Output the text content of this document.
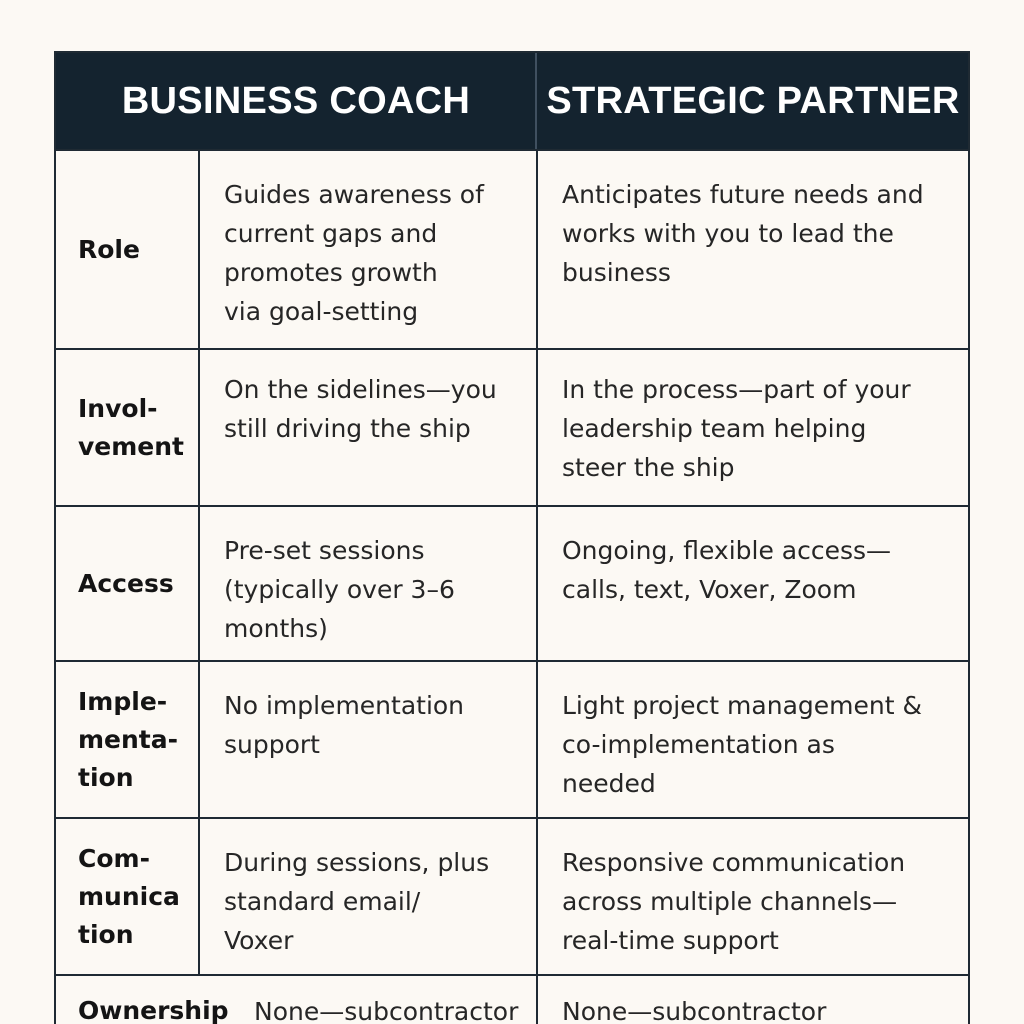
BUSINESS COACH	STRATEGIC PARTNER
Role
Guides awareness of
current gaps and
promotes growth
via goal-setting
Anticipates future needs and
works with you to lead the
business
Invol-
vement
On the sidelines—you
still driving the ship
In the process—part of your
leadership team helping
steer the ship
Access
Pre-set sessions
(typically over 3–6
months)
Ongoing, flexible access—
calls, text, Voxer, Zoom
Imple-
menta-
tion
No implementation
support
Light project management &
co-implementation as
needed
Com-
munica
tion
During sessions, plus
standard email/
Voxer
Responsive communication
across multiple channels—
real-time support
Ownership None—subcontractor	None—subcontractor
